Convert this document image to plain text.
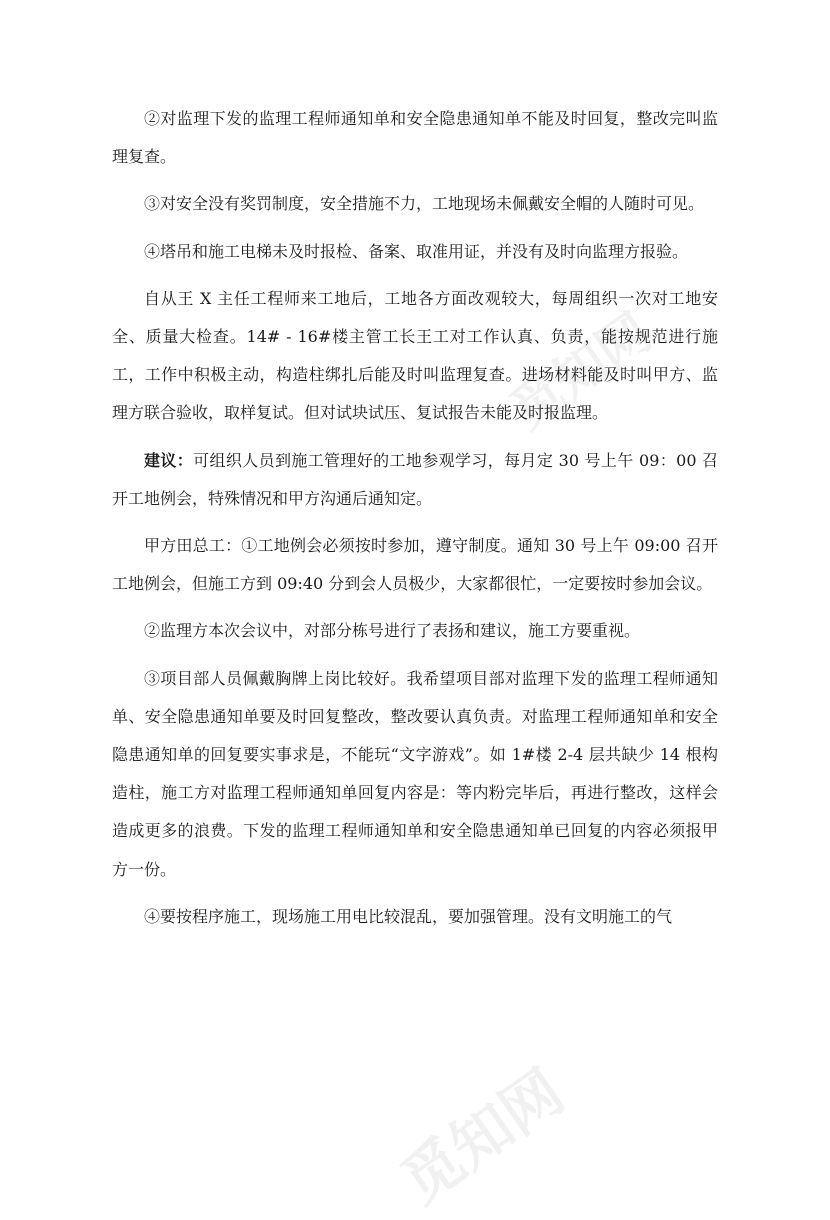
觅知网
觅知网

②对监理下发的监理工程师通知单和安全隐患通知单不能及时回复，整改完叫监理复查。

③对安全没有奖罚制度，安全措施不力，工地现场未佩戴安全帽的人随时可见。

④塔吊和施工电梯未及时报检、备案、取准用证，并没有及时向监理方报验。

自从王 X 主任工程师来工地后，工地各方面改观较大，每周组织一次对工地安全、质量大检查。14# - 16#楼主管工长王工对工作认真、负责，能按规范进行施工，工作中积极主动，构造柱绑扎后能及时叫监理复查。进场材料能及时叫甲方、监理方联合验收，取样复试。但对试块试压、复试报告未能及时报监理。

建议：可组织人员到施工管理好的工地参观学习，每月定 30 号上午 09：00 召开工地例会，特殊情况和甲方沟通后通知定。

甲方田总工：①工地例会必须按时参加，遵守制度。通知 30 号上午 09:00 召开工地例会，但施工方到 09:40 分到会人员极少，大家都很忙，一定要按时参加会议。

②监理方本次会议中，对部分栋号进行了表扬和建议，施工方要重视。

③项目部人员佩戴胸牌上岗比较好。我希望项目部对监理下发的监理工程师通知单、安全隐患通知单要及时回复整改，整改要认真负责。对监理工程师通知单和安全隐患通知单的回复要实事求是，不能玩“文字游戏”。如 1#楼 2-4 层共缺少 14 根构造柱，施工方对监理工程师通知单回复内容是：等内粉完毕后，再进行整改，这样会造成更多的浪费。下发的监理工程师通知单和安全隐患通知单已回复的内容必须报甲方一份。

④要按程序施工，现场施工用电比较混乱，要加强管理。没有文明施工的气
